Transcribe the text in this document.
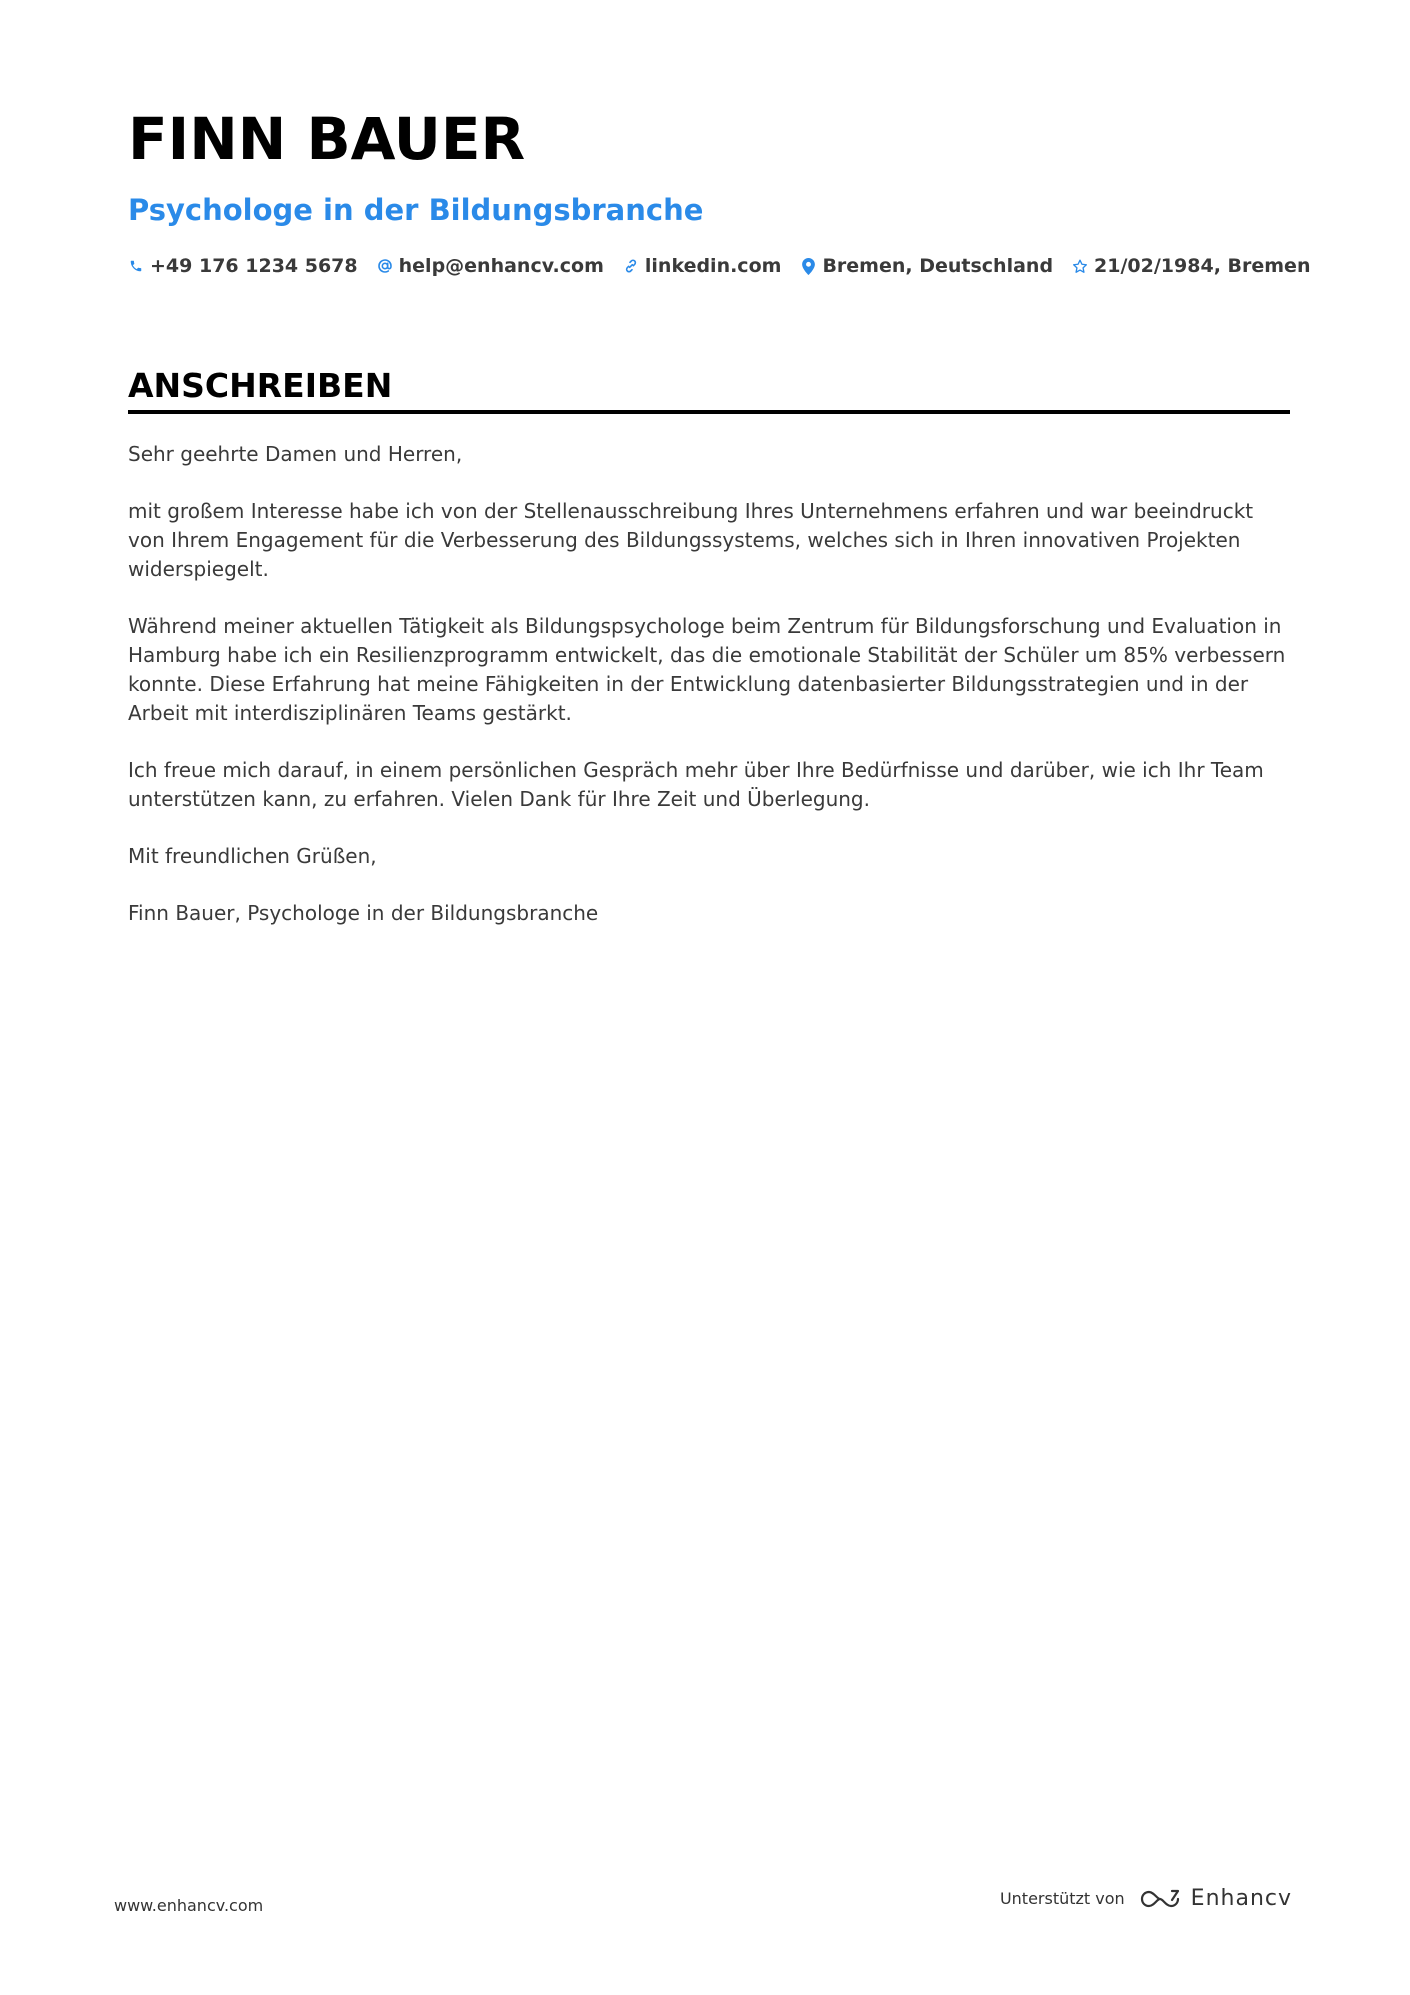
FINN BAUER
Psychologe in der Bildungsbranche
+49 176 1234 5678 help@enhancv.com linkedin.com Bremen, Deutschland 21/02/1984, Bremen
ANSCHREIBEN

Sehr geehrte Damen und Herren,

mit großem Interesse habe ich von der Stellenausschreibung Ihres Unternehmens erfahren und war beeindruckt von Ihrem Engagement für die Verbesserung des Bildungssystems, welches sich in Ihren innovativen Projekten widerspiegelt.

Während meiner aktuellen Tätigkeit als Bildungspsychologe beim Zentrum für Bildungsforschung und Evaluation in Hamburg habe ich ein Resilienzprogramm entwickelt, das die emotionale Stabilität der Schüler um 85% verbessern konnte. Diese Erfahrung hat meine Fähigkeiten in der Entwicklung datenbasierter Bildungsstrategien und in der Arbeit mit interdisziplinären Teams gestärkt.

Ich freue mich darauf, in einem persönlichen Gespräch mehr über Ihre Bedürfnisse und darüber, wie ich Ihr Team unterstützen kann, zu erfahren. Vielen Dank für Ihre Zeit und Überlegung.

Mit freundlichen Grüßen,

Finn Bauer, Psychologe in der Bildungsbranche

www.enhancv.com	Unterstützt von	Enhancv
